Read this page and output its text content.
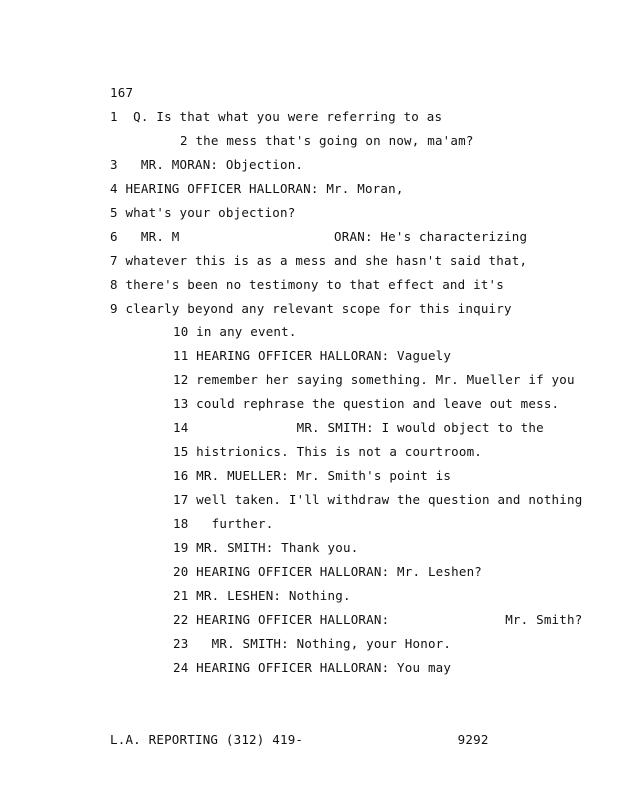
167
1  Q. Is that what you were referring to as
2 the mess that's going on now, ma'am?
3   MR. MORAN: Objection.
4 HEARING OFFICER HALLORAN: Mr. Moran,
5 what's your objection?
6   MR. M                    ORAN: He's characterizing
7 whatever this is as a mess and she hasn't said that,
8 there's been no testimony to that effect and it's
9 clearly beyond any relevant scope for this inquiry
10 in any event.
11 HEARING OFFICER HALLORAN: Vaguely
12 remember her saying something. Mr. Mueller if you
13 could rephrase the question and leave out mess.
14              MR. SMITH: I would object to the
15 histrionics. This is not a courtroom.
16 MR. MUELLER: Mr. Smith's point is
17 well taken. I'll withdraw the question and nothing
18   further.
19 MR. SMITH: Thank you.
20 HEARING OFFICER HALLORAN: Mr. Leshen?
21 MR. LESHEN: Nothing.
22 HEARING OFFICER HALLORAN:               Mr. Smith?
23   MR. SMITH: Nothing, your Honor.
24 HEARING OFFICER HALLORAN: You may
L.A. REPORTING (312) 419-                    9292
